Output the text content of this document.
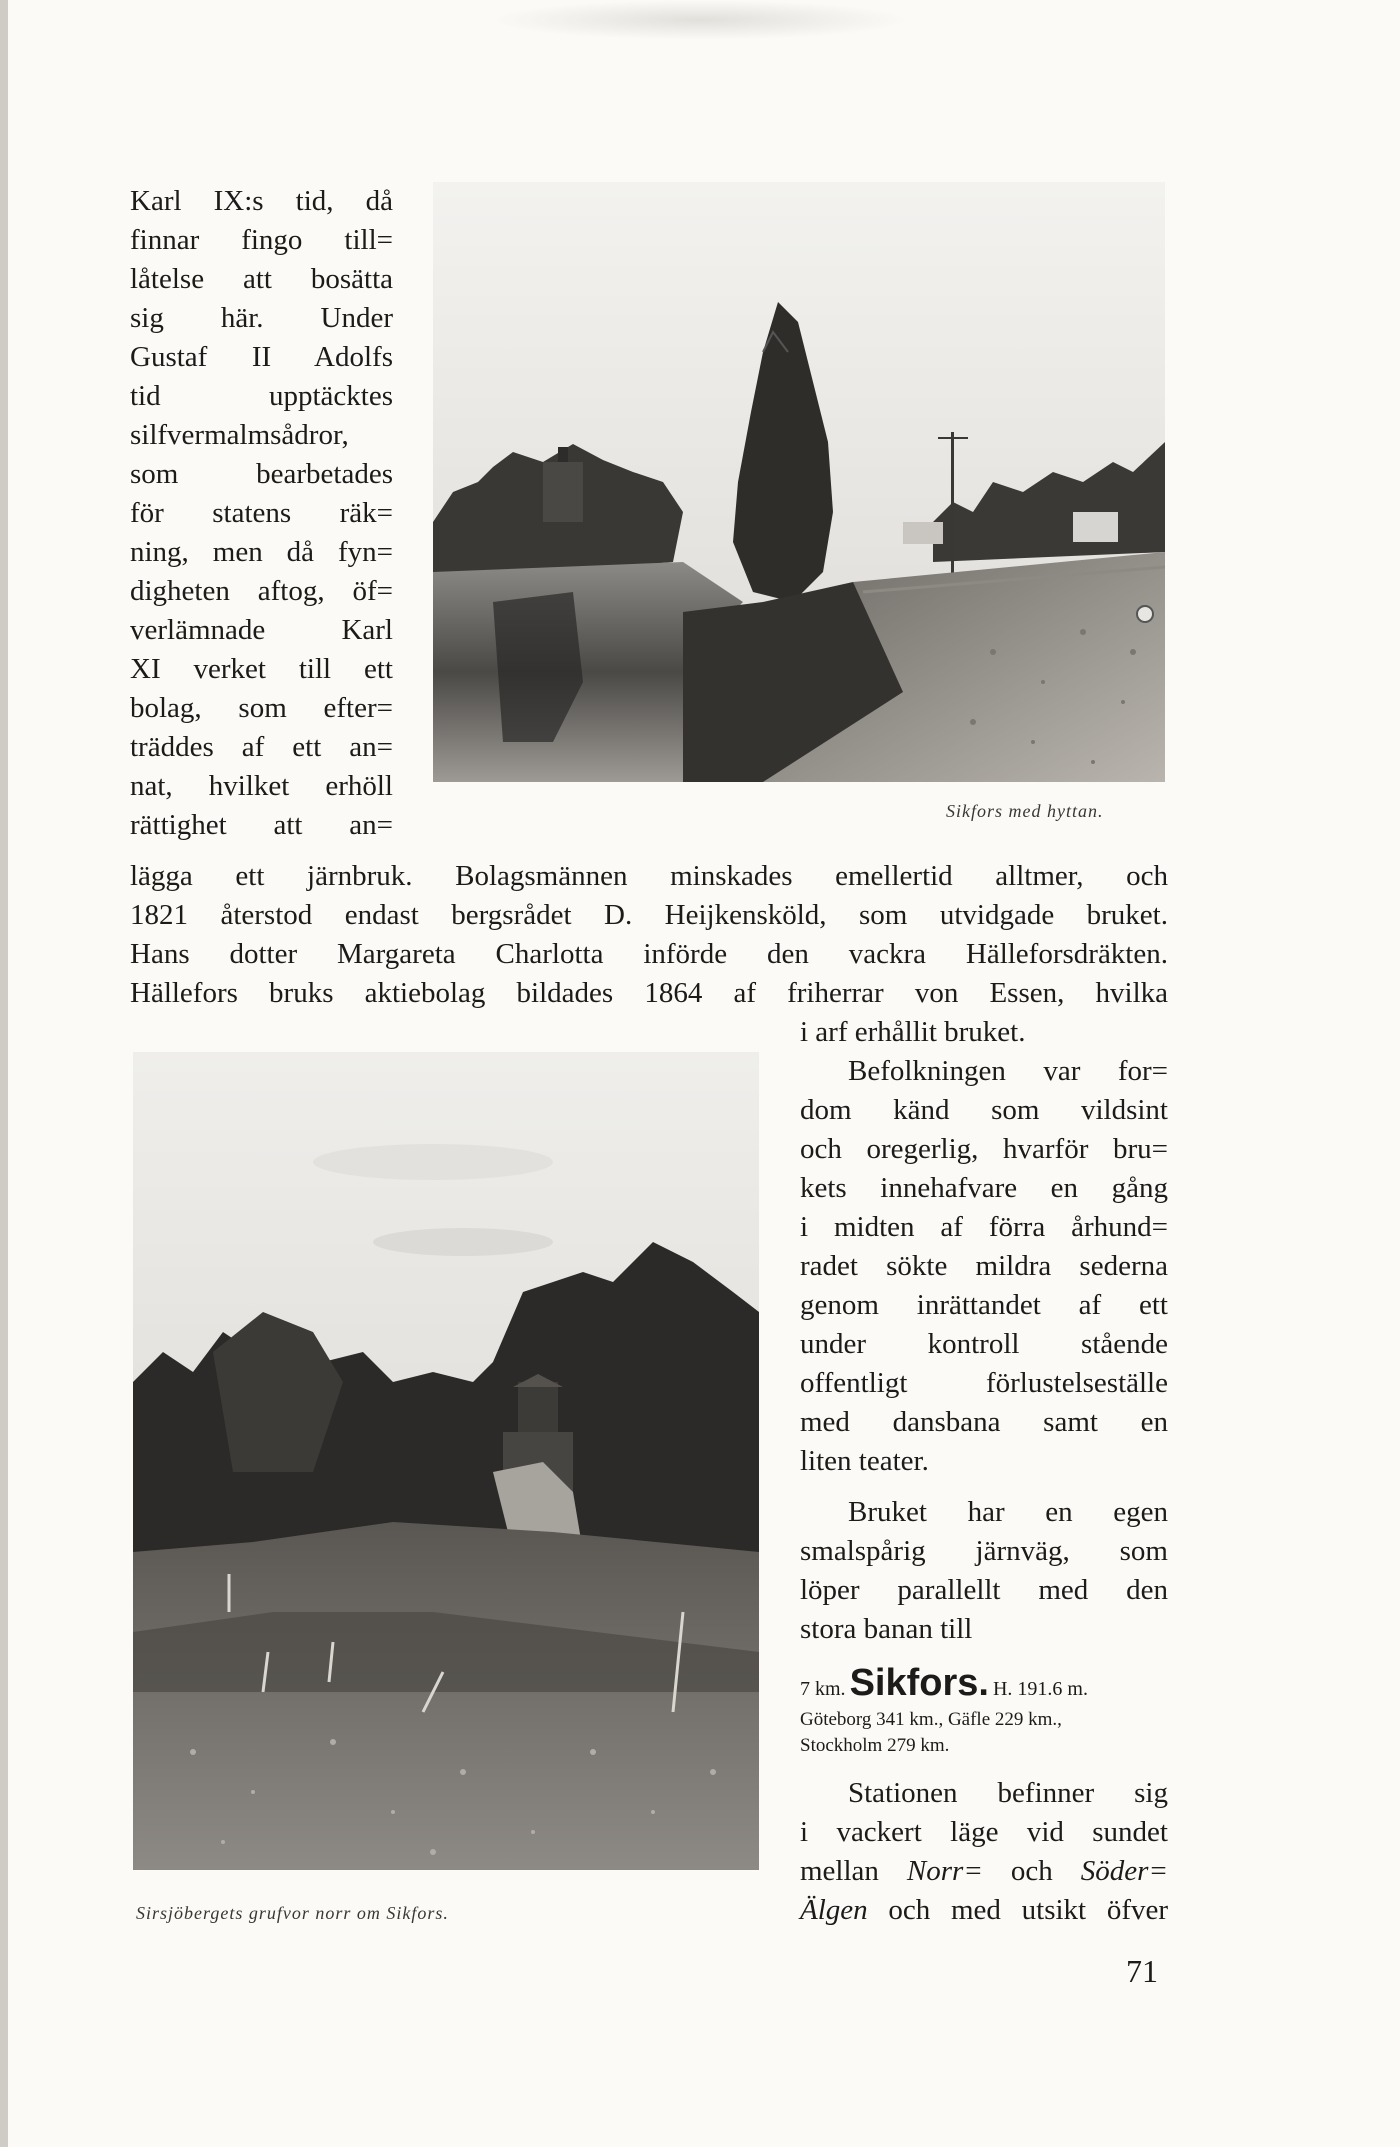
Karl IX:s tid, då
finnar fingo till=
låtelse att bosätta
sig här. Under
Gustaf II Adolfs
tid upptäcktes
silfvermalmsådror,
som bearbetades
för statens räk=
ning, men då fyn=
digheten aftog, öf=
verlämnade Karl
XI verket till ett
bolag, som efter=
träddes af ett an=
nat, hvilket erhöll
rättighet att an=	Sikfors med hyttan.
lägga ett järnbruk. Bolagsmännen minskades emellertid alltmer, och
1821 återstod endast bergsrådet D. Heijkensköld, som utvidgade bruket.
Hans dotter Margareta Charlotta införde den vackra Hälleforsdräkten.
Hällefors bruks aktiebolag bildades 1864 af friherrar von Essen, hvilka
Sirsjöbergets grufvor norr om Sikfors.
i arf erhållit bruket.
Befolkningen var for=
dom känd som vildsint
och oregerlig, hvarför bru=
kets innehafvare en gång
i midten af förra århund=
radet sökte mildra sederna
genom inrättandet af ett
under kontroll stående
offentligt förlustelseställe
med dansbana samt en
liten teater.
Bruket har en egen
smalspårig järnväg, som
löper parallellt med den
stora banan till
7 km. Sikfors. H. 191.6 m.
Göteborg 341 km., Gäfle 229 km.,
Stockholm 279 km.
Stationen befinner sig
i vackert läge vid sundet
mellan Norr= och Söder=
Älgen och med utsikt öfver
71
